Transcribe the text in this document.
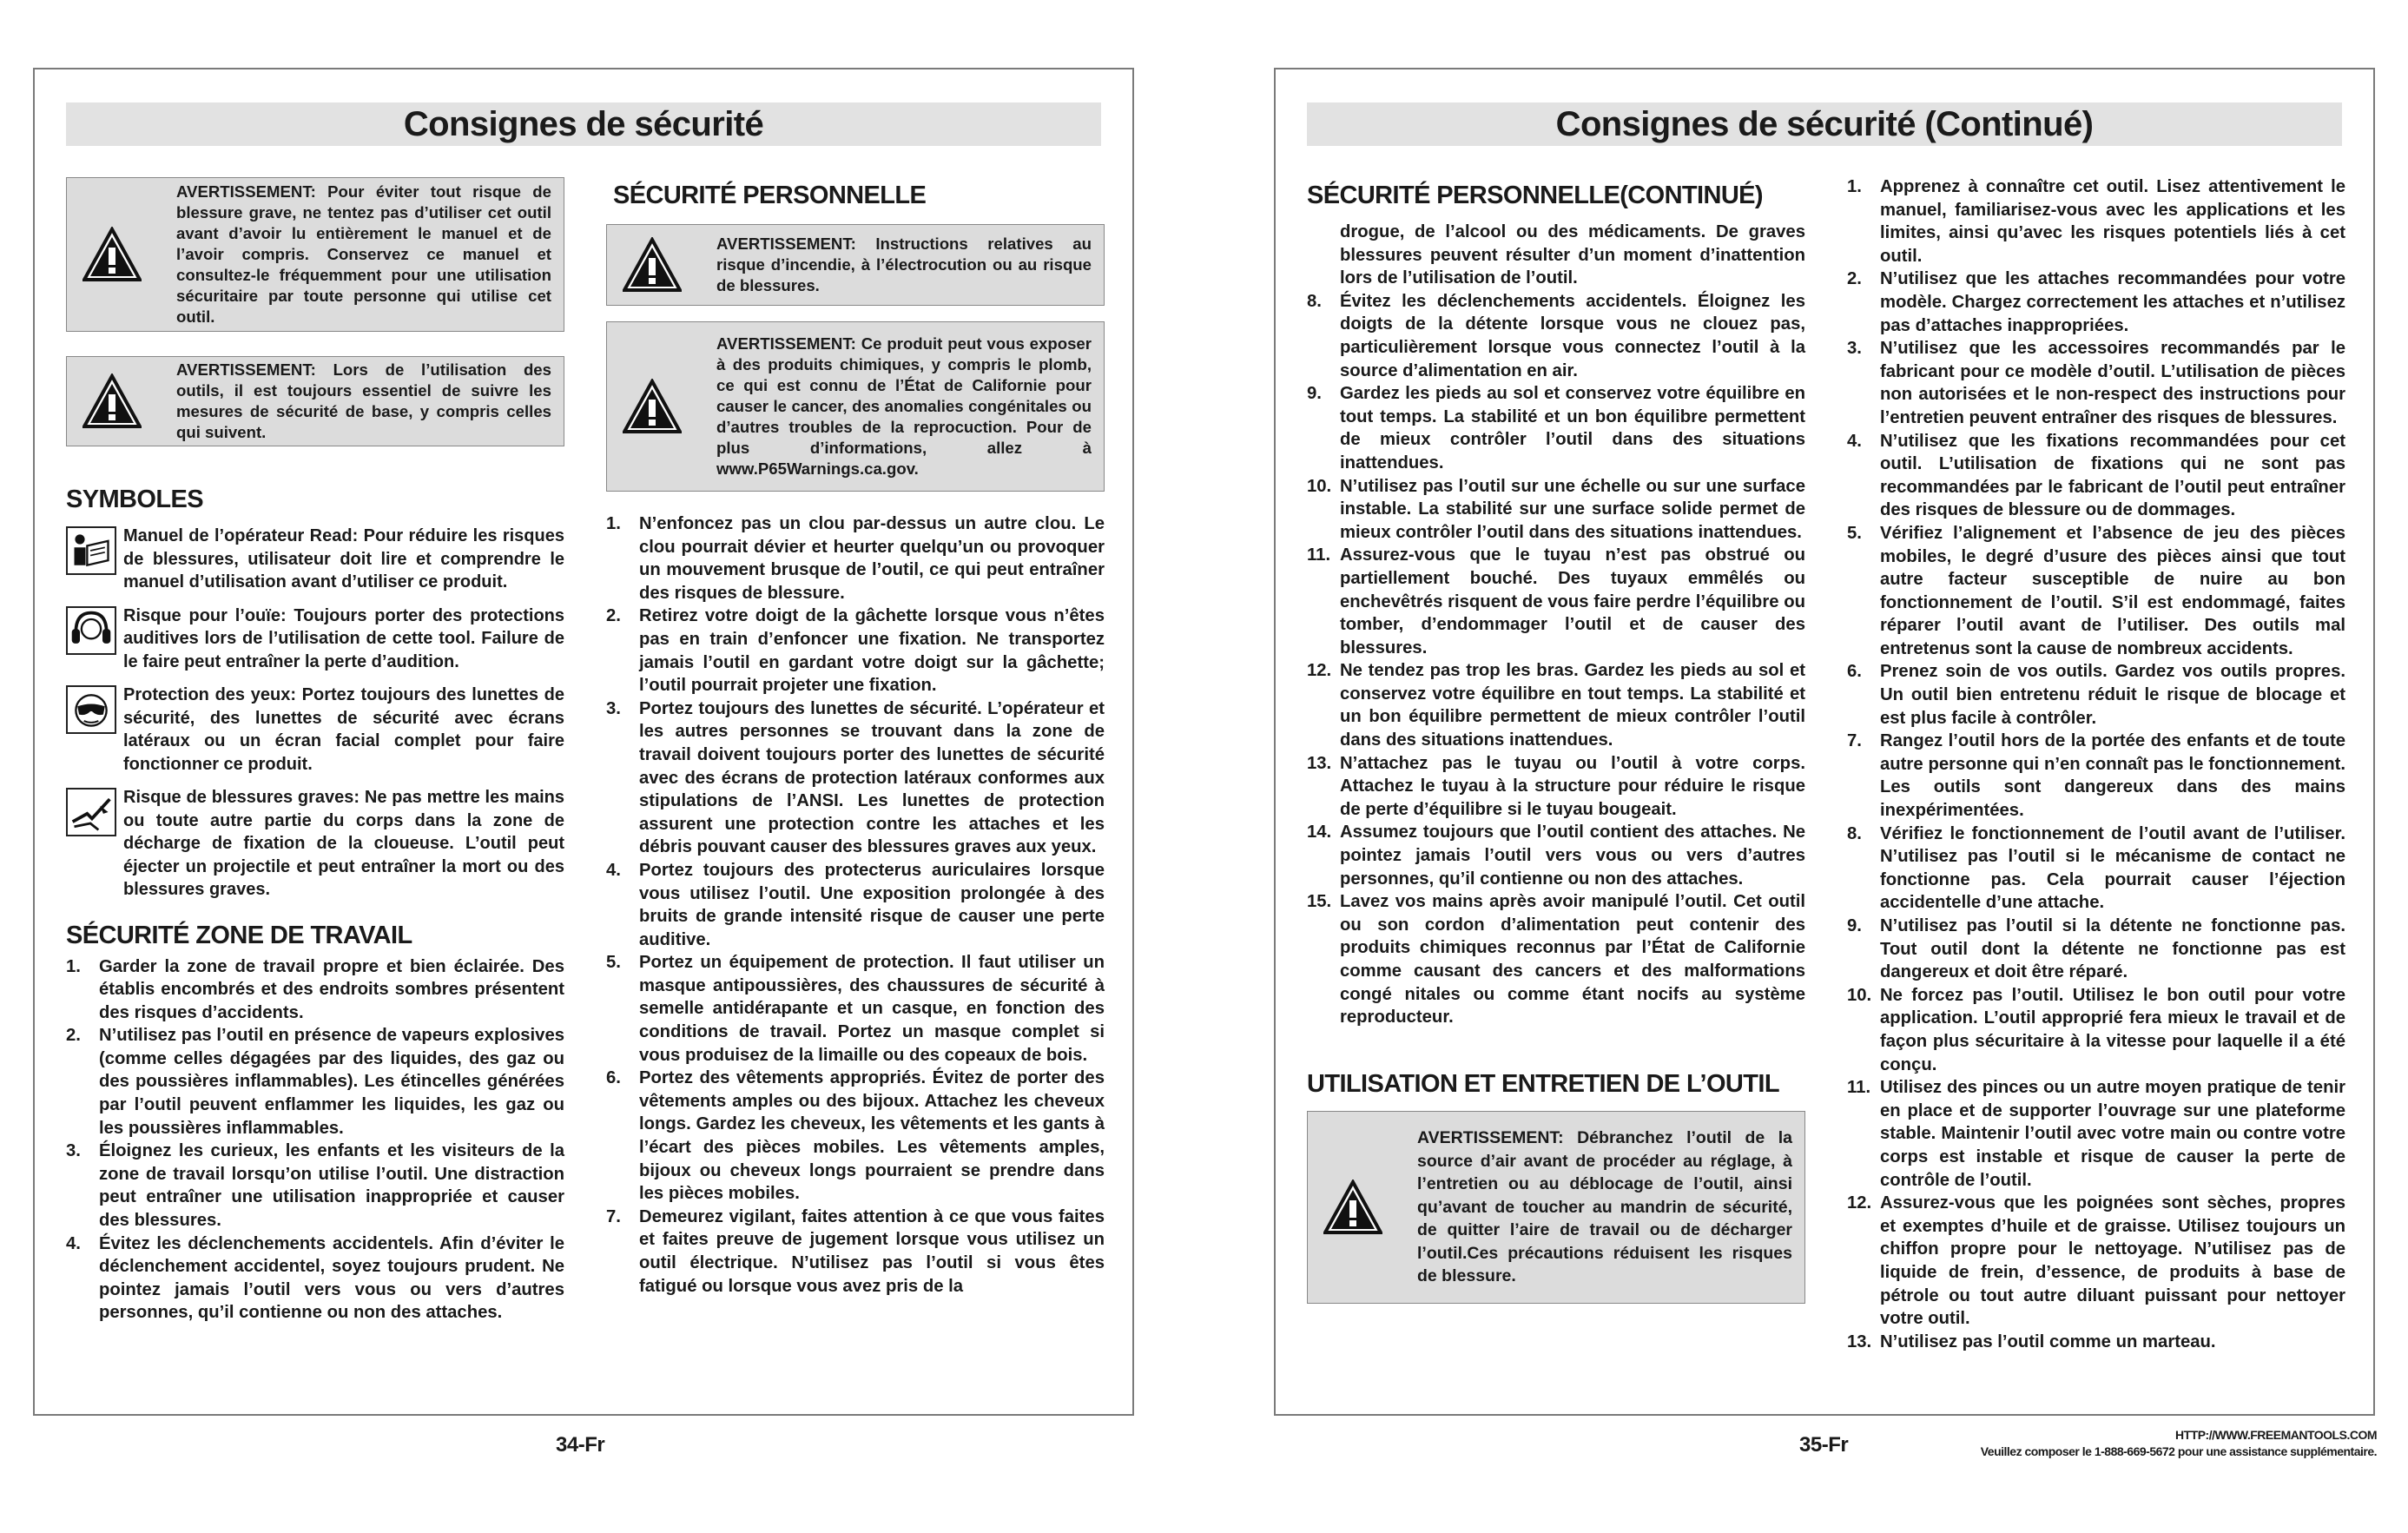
Consignes de sécurité
AVERTISSEMENT: Pour éviter tout risque de blessure grave, ne tentez pas d’utiliser cet outil avant d’avoir lu entièrement le manuel et de l’avoir compris. Conservez ce manuel et consultez-le fréquemment pour une utilisation sécuritaire par toute personne qui utilise cet outil.
AVERTISSEMENT: Lors de l’utilisation des outils, il est toujours essentiel de suivre les mesures de sécurité de base, y compris celles qui suivent.
SYMBOLES
Manuel de l’opérateur Read: Pour réduire les risques de blessures, utilisateur doit lire et comprendre le manuel d’utilisation avant d’utiliser ce produit.
Risque pour l’ouïe: Toujours porter des protections auditives lors de l’utilisation de cette tool. Failure de le faire peut entraîner la perte d’audition.
Protection des yeux: Portez toujours des lunettes de sécurité, des lunettes de sécurité avec écrans latéraux ou un écran facial complet pour faire fonctionner ce produit.
Risque de blessures graves: Ne pas mettre les mains ou toute autre partie du corps dans la zone de décharge de fixation de la cloueuse. L’outil peut éjecter un projectile et peut entraîner la mort ou des blessures graves.
SÉCURITÉ ZONE DE TRAVAIL
1. Garder la zone de travail propre et bien éclairée. Des établis encombrés et des endroits sombres présentent des risques d’accidents.
2. N’utilisez pas l’outil en présence de vapeurs explosives (comme celles dégagées par des liquides, des gaz ou des poussières inflammables). Les étincelles générées par l’outil peuvent enflammer les liquides, les gaz ou les poussières inflammables.
3. Éloignez les curieux, les enfants et les visiteurs de la zone de travail lorsqu’on utilise l’outil. Une distraction peut entraîner une utilisation inappropriée et causer des blessures.
4. Évitez les déclenchements accidentels. Afin d’éviter le déclenchement accidentel, soyez toujours prudent. Ne pointez jamais l’outil vers vous ou vers d’autres personnes, qu’il contienne ou non des attaches.
SÉCURITÉ PERSONNELLE
AVERTISSEMENT: Instructions relatives au risque d’incendie, à l’électrocution ou au risque de blessures.
AVERTISSEMENT: Ce produit peut vous exposer à des produits chimiques, y compris le plomb, ce qui est connu de l’État de Californie pour causer le cancer, des anomalies congénitales ou d’autres troubles de la reprocuction. Pour de plus d’informations, allez à www.P65Warnings.ca.gov.
1. N’enfoncez pas un clou par-dessus un autre clou. Le clou pourrait dévier et heurter quelqu’un ou provoquer un mouvement brusque de l’outil, ce qui peut entraîner des risques de blessure.
2. Retirez votre doigt de la gâchette lorsque vous n’êtes pas en train d’enfoncer une fixation. Ne transportez jamais l’outil en gardant votre doigt sur la gâchette; l’outil pourrait projeter une fixation.
3. Portez toujours des lunettes de sécurité. L’opérateur et les autres personnes se trouvant dans la zone de travail doivent toujours porter des lunettes de sécurité avec des écrans de protection latéraux conformes aux stipulations de l’ANSI. Les lunettes de protection assurent une protection contre les attaches et les débris pouvant causer des blessures graves aux yeux.
4. Portez toujours des protecterus auriculaires lorsque vous utilisez l’outil. Une exposition prolongée à des bruits de grande intensité risque de causer une perte auditive.
5. Portez un équipement de protection. Il faut utiliser un masque antipoussières, des chaussures de sécurité à semelle antidérapante et un casque, en fonction des conditions de travail. Portez un masque complet si vous produisez de la limaille ou des copeaux de bois.
6. Portez des vêtements appropriés. Évitez de porter des vêtements amples ou des bijoux. Attachez les cheveux longs. Gardez les cheveux, les vêtements et les gants à l’écart des pièces mobiles. Les vêtements amples, bijoux ou cheveux longs pourraient se prendre dans les pièces mobiles.
7. Demeurez vigilant, faites attention à ce que vous faites et faites preuve de jugement lorsque vous utilisez un outil électrique. N’utilisez pas l’outil si vous êtes fatigué ou lorsque vous avez pris de la
34-Fr
Consignes de sécurité (Continué)
SÉCURITÉ PERSONNELLE(CONTINUÉ)
drogue, de l’alcool ou des médicaments. De graves blessures peuvent résulter d’un moment d’inattention lors de l’utilisation de l’outil.
8. Évitez les déclenchements accidentels. Éloignez les doigts de la détente lorsque vous ne clouez pas, particulièrement lorsque vous connectez l’outil à la source d’alimentation en air.
9. Gardez les pieds au sol et conservez votre équilibre en tout temps. La stabilité et un bon équilibre permettent de mieux contrôler l’outil dans des situations inattendues.
10. N’utilisez pas l’outil sur une échelle ou sur une surface instable. La stabilité sur une surface solide permet de mieux contrôler l’outil dans des situations inattendues.
11. Assurez-vous que le tuyau n’est pas obstrué ou partiellement bouché. Des tuyaux emmêlés ou enchevêtrés risquent de vous faire perdre l’équilibre ou tomber, d’endommager l’outil et de causer des blessures.
12. Ne tendez pas trop les bras. Gardez les pieds au sol et conservez votre équilibre en tout temps. La stabilité et un bon équilibre permettent de mieux contrôler l’outil dans des situations inattendues.
13. N’attachez pas le tuyau ou l’outil à votre corps. Attachez le tuyau à la structure pour réduire le risque de perte d’équilibre si le tuyau bougeait.
14. Assumez toujours que l’outil contient des attaches. Ne pointez jamais l’outil vers vous ou vers d’autres personnes, qu’il contienne ou non des attaches.
15. Lavez vos mains après avoir manipulé l’outil. Cet outil ou son cordon d’alimentation peut contenir des produits chimiques reconnus par l’État de Californie comme causant des cancers et des malformations congé nitales ou comme étant nocifs au système reproducteur.
UTILISATION ET ENTRETIEN DE L’OUTIL
AVERTISSEMENT: Débranchez l’outil de la source d’air avant de procéder au réglage, à l’entretien ou au déblocage de l’outil, ainsi qu’avant de toucher au mandrin de sécurité, de quitter l’aire de travail ou de décharger l’outil.Ces précautions réduisent les risques de blessure.
1. Apprenez à connaître cet outil. Lisez attentivement le manuel, familiarisez-vous avec les applications et les limites, ainsi qu’avec les risques potentiels liés à cet outil.
2. N’utilisez que les attaches recommandées pour votre modèle. Chargez correctement les attaches et n’utilisez pas d’attaches inappropriées.
3. N’utilisez que les accessoires recommandés par le fabricant pour ce modèle d’outil. L’utilisation de pièces non autorisées et le non-respect des instructions pour l’entretien peuvent entraîner des risques de blessures.
4. N’utilisez que les fixations recommandées pour cet outil. L’utilisation de fixations qui ne sont pas recommandées par le fabricant de l’outil peut entraîner des risques de blessure ou de dommages.
5. Vérifiez l’alignement et l’absence de jeu des pièces mobiles, le degré d’usure des pièces ainsi que tout autre facteur susceptible de nuire au bon fonctionnement de l’outil. S’il est endommagé, faites réparer l’outil avant de l’utiliser. Des outils mal entretenus sont la cause de nombreux accidents.
6. Prenez soin de vos outils. Gardez vos outils propres. Un outil bien entretenu réduit le risque de blocage et est plus facile à contrôler.
7. Rangez l’outil hors de la portée des enfants et de toute autre personne qui n’en connaît pas le fonctionnement. Les outils sont dangereux dans des mains inexpérimentées.
8. Vérifiez le fonctionnement de l’outil avant de l’utiliser. N’utilisez pas l’outil si le mécanisme de contact ne fonctionne pas. Cela pourrait causer l’éjection accidentelle d’une attache.
9. N’utilisez pas l’outil si la détente ne fonctionne pas. Tout outil dont la détente ne fonctionne pas est dangereux et doit être réparé.
10. Ne forcez pas l’outil. Utilisez le bon outil pour votre application. L’outil approprié fera mieux le travail et de façon plus sécuritaire à la vitesse pour laquelle il a été conçu.
11. Utilisez des pinces ou un autre moyen pratique de tenir en place et de supporter l’ouvrage sur une plateforme stable. Maintenir l’outil avec votre main ou contre votre corps est instable et risque de causer la perte de contrôle de l’outil.
12. Assurez-vous que les poignées sont sèches, propres et exemptes d’huile et de graisse. Utilisez toujours un chiffon propre pour le nettoyage. N’utilisez pas de liquide de frein, d’essence, de produits à base de pétrole ou tout autre diluant puissant pour nettoyer votre outil.
13. N’utilisez pas l’outil comme un marteau.
35-Fr	HTTP://WWW.FREEMANTOOLS.COM
Veuillez composer le 1-888-669-5672 pour une assistance supplémentaire.
